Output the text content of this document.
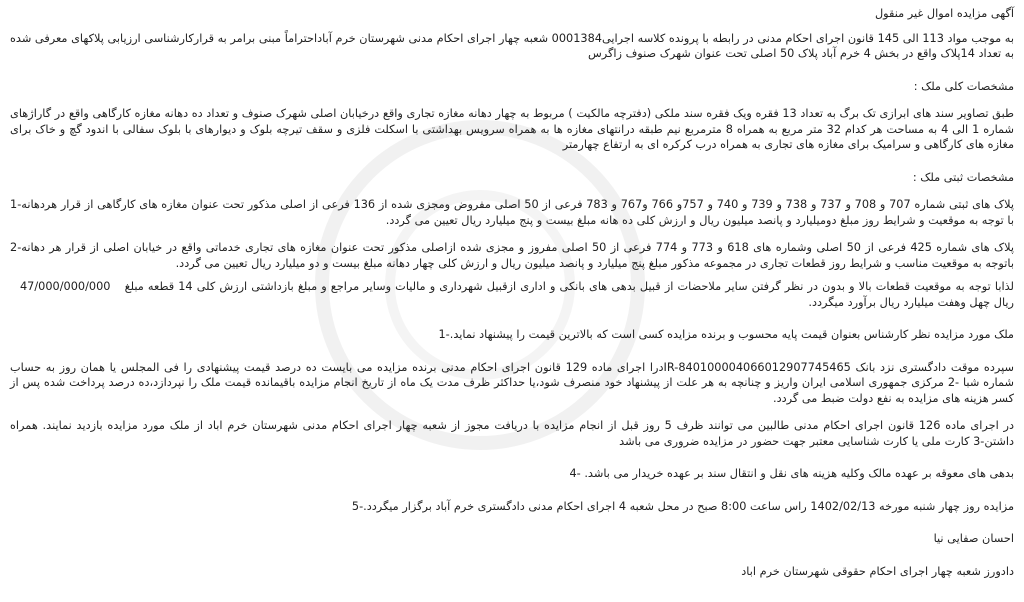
آگهی مزایده اموال غیر منقول

به موجب مواد 113 الی 145 قانون اجرای احکام مدنی در رابطه با پرونده کلاسه اجرایی0001384 شعبه چهار اجرای احکام مدنی شهرستان خرم آباداحتراماً مبنی برامر به قرارکارشناسی ارزیابی پلاکهای معرفی شده به تعداد 14پلاک واقع در بخش 4 خرم آباد پلاک 50 اصلی تحت عنوان شهرک صنوف زاگرس

مشخصات کلی ملک :

طبق تصاویر سند های ابرازی تک برگ به تعداد 13 فقره ویک فقره سند ملکی (دفترچه مالکیت ) مربوط به چهار دهانه مغازه تجاری واقع درخیابان اصلی شهرک صنوف و تعداد ده دهانه مغازه کارگاهی واقع در گاراژهای شماره 1 الی 4 به مساحت هر کدام 32 متر مربع به همراه 8 مترمربع نیم طبقه درانتهای مغازه ها به همراه سرویس بهداشتی با اسکلت فلزی و سقف تیرچه بلوک و دیوارهای با بلوک سفالی با اندود گچ و خاک برای مغازه های کارگاهی و سرامیک برای مغازه های تجاری به همراه درب کرکره ای به ارتفاع چهارمتر

مشخصات ثبتی ملک :

پلاک های ثبتی شماره 707 و 708 و 737 و 738 و 739 و 740 و 757و 766 و767 و 783 فرعی از 50 اصلی مفروض ومجزی شده از 136 فرعی از اصلی مذکور تحت عنوان مغازه های کارگاهی از قرار هردهانه-1 با توجه به موقعیت و شرایط روز مبلغ دومیلیارد و پانصد میلیون ریال و ارزش کلی ده هانه مبلغ بیست و پنج میلیارد ریال تعیین می گردد.

پلاک های شماره 425 فرعی از 50 اصلی وشماره های 618 و 773 و 774 فرعی از 50 اصلی مفروز و مجزی شده ازاصلی مذکور تحت عنوان مغازه های تجاری خدماتی واقع در خیابان اصلی از قرار هر دهانه-2 باتوجه به موقعیت مناسب و شرایط روز قطعات تجاری در مجموعه مذکور مبلغ پنج میلیارد و پانصد میلیون ریال و ارزش کلی چهار دهانه مبلغ بیست و دو میلیارد ریال تعیین می گردد.

لذابا توجه به موقعیت قطعات بالا و بدون در نظر گرفتن سایر ملاحضات از قبیل بدهی های بانکی و اداری ازقبیل شهرداری و مالیات وسایر مراجع و مبلغ بازداشتی ارزش کلی 14 قطعه مبلغ 47/000/000/000 ریال چهل وهفت میلیارد ریال برآورد میگردد.

ملک مورد مزایده نظر کارشناس بعنوان قیمت پایه محسوب و برنده مزایده کسی است که بالاترین قیمت را پیشنهاد نماید.-1

سپرده موقت دادگستری نزد بانک IR-840100004066012907745465درا اجرای ماده 129 قانون اجرای احکام مدنی برنده مزایده می بایست ده درصد قیمت پیشنهادی را فی المجلس یا همان روز به حساب شماره شبا -2 مرکزی جمهوری اسلامی ایران واریز و چنانچه به هر علت از پیشنهاد خود منصرف شود،یا حداکثر ظرف مدت یک ماه از تاریخ انجام مزایده باقیمانده قیمت ملک را نپردازد،ده درصد پرداخت شده پس از کسر هزینه های مزایده به نفع دولت ضبط می گردد.

در اجرای ماده 126 قانون اجرای احکام مدنی طالبین می توانند ظرف 5 روز قبل از انجام مزایده با دریافت مجوز از شعبه چهار اجرای احکام مدنی شهرستان خرم اباد از ملک مورد مزایده بازدید نمایند. همراه داشتن-3 کارت ملی یا کارت شناسایی معتبر جهت حضور در مزایده ضروری می باشد

بدهی های معوقه بر عهده مالک وکلیه هزینه های نقل و انتقال سند بر عهده خریدار می باشد. -4

مزایده روز چهار شنبه مورخه 1402/02/13 راس ساعت 8:00 صبح در محل شعبه 4 اجرای احکام مدنی دادگستری خرم آباد برگزار میگردد.-5

احسان صفایی نیا

دادورز شعبه چهار اجرای احکام حقوقی شهرستان خرم اباد
